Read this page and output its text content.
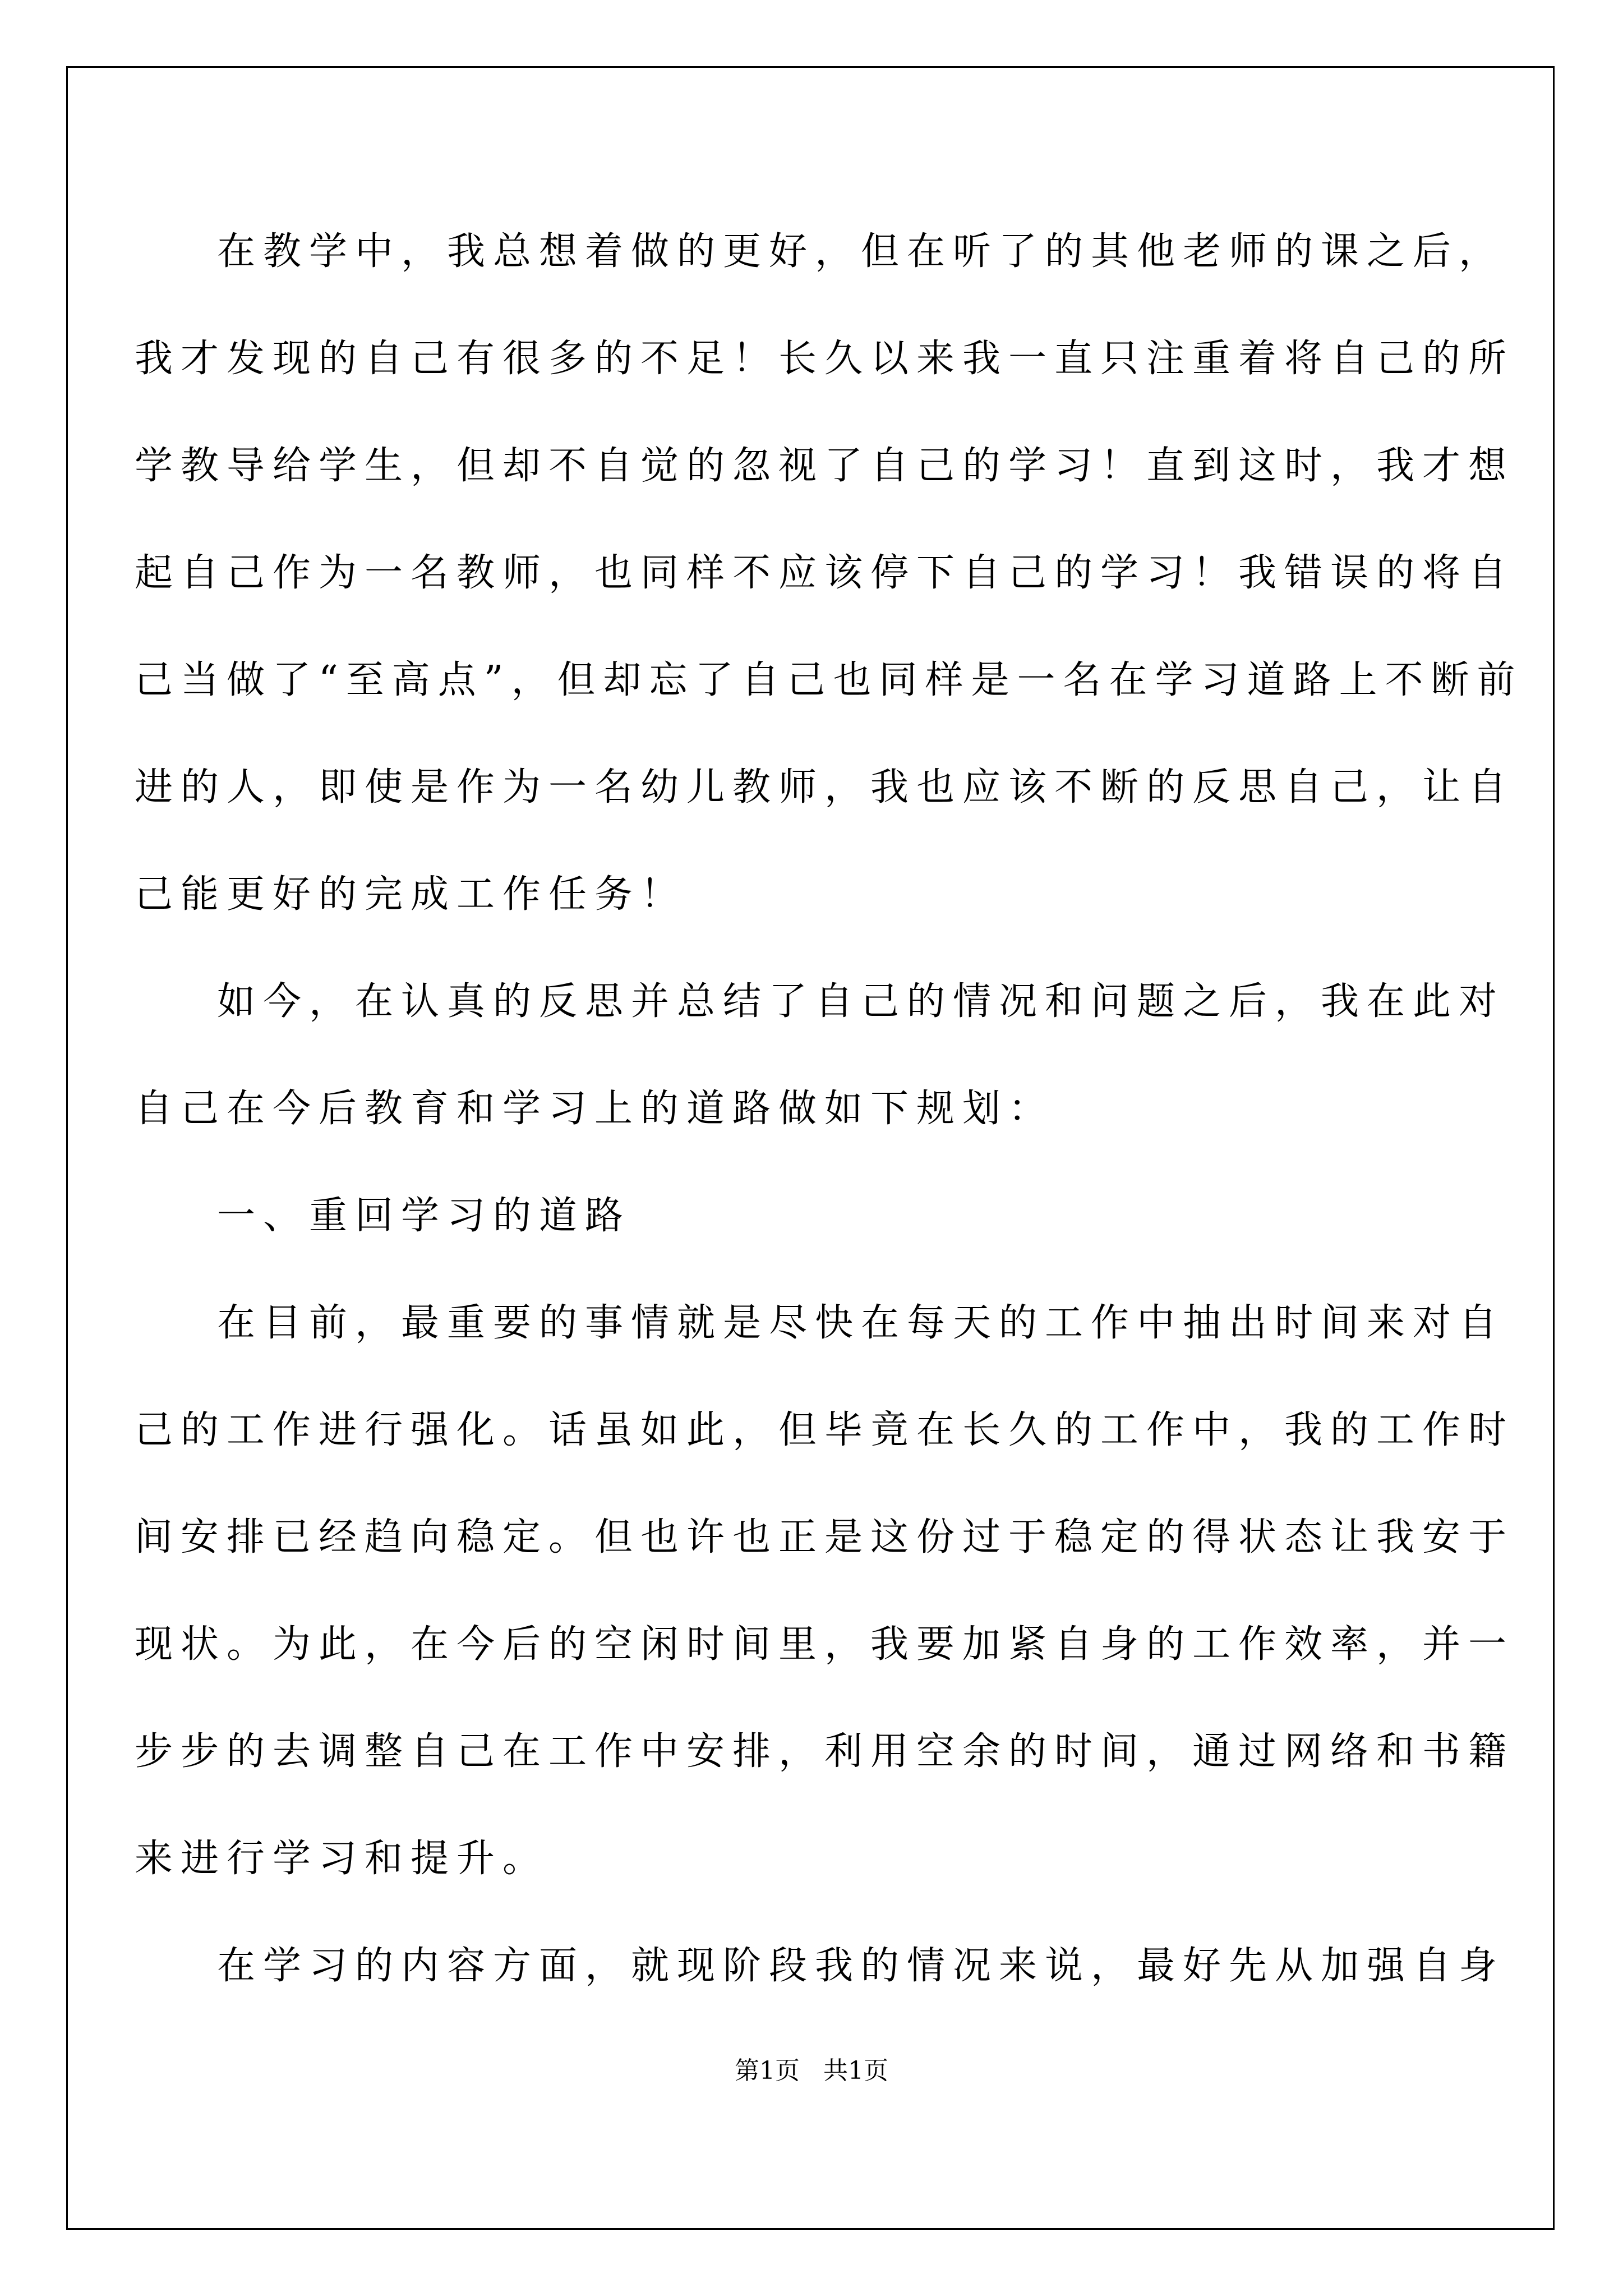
在教学中，我总想着做的更好，但在听了的其他老师的课之后，
我才发现的自己有很多的不足！长久以来我一直只注重着将自己的所
学教导给学生，但却不自觉的忽视了自己的学习！直到这时，我才想
起自己作为一名教师，也同样不应该停下自己的学习！我错误的将自
己当做了“至高点”，但却忘了自己也同样是一名在学习道路上不断前
进的人，即使是作为一名幼儿教师，我也应该不断的反思自己，让自
己能更好的完成工作任务！
如今，在认真的反思并总结了自己的情况和问题之后，我在此对
自己在今后教育和学习上的道路做如下规划：
一、重回学习的道路
在目前，最重要的事情就是尽快在每天的工作中抽出时间来对自
己的工作进行强化。话虽如此，但毕竟在长久的工作中，我的工作时
间安排已经趋向稳定。但也许也正是这份过于稳定的得状态让我安于
现状。为此，在今后的空闲时间里，我要加紧自身的工作效率，并一
步步的去调整自己在工作中安排，利用空余的时间，通过网络和书籍
来进行学习和提升。
在学习的内容方面，就现阶段我的情况来说，最好先从加强自身
第1页 共1页
